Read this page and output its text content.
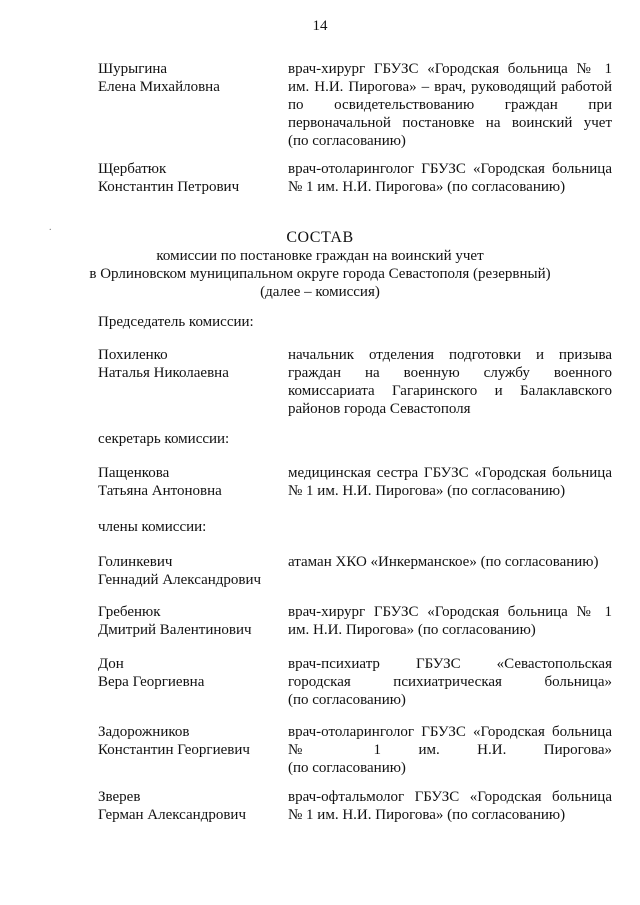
14
.
Шурыгина
Елена Михайловна
врач-хирург ГБУЗС «Городская больница № 1
им. Н.И. Пирогова» – врач, руководящий работой
по освидетельствованию граждан при
первоначальной постановке на воинский учет
(по согласованию)
Щербатюк
Константин Петрович
врач-отоларинголог ГБУЗС «Городская больница
№ 1 им. Н.И. Пирогова» (по согласованию)
СОСТАВ
комиссии по постановке граждан на воинский учет
в Орлиновском муниципальном округе города Севастополя (резервный)
(далее – комиссия)
Председатель комиссии:
Похиленко
Наталья Николаевна
начальник отделения подготовки и призыва
граждан на военную службу военного
комиссариата Гагаринского и Балаклавского
районов города Севастополя
секретарь комиссии:
Пащенкова
Татьяна Антоновна
медицинская сестра ГБУЗС «Городская больница
№ 1 им. Н.И. Пирогова» (по согласованию)
члены комиссии:
Голинкевич
Геннадий Александрович
атаман ХКО «Инкерманское» (по согласованию)
Гребенюк
Дмитрий Валентинович
врач-хирург ГБУЗС «Городская больница № 1
им. Н.И. Пирогова» (по согласованию)
Дон
Вера Георгиевна
врач-психиатр ГБУЗС «Севастопольская
городская психиатрическая больница»
(по согласованию)
Задорожников
Константин Георгиевич
врач-отоларинголог ГБУЗС «Городская больница
№ 1 им. Н.И. Пирогова»
(по согласованию)
Зверев
Герман Александрович
врач-офтальмолог ГБУЗС «Городская больница
№ 1 им. Н.И. Пирогова» (по согласованию)
